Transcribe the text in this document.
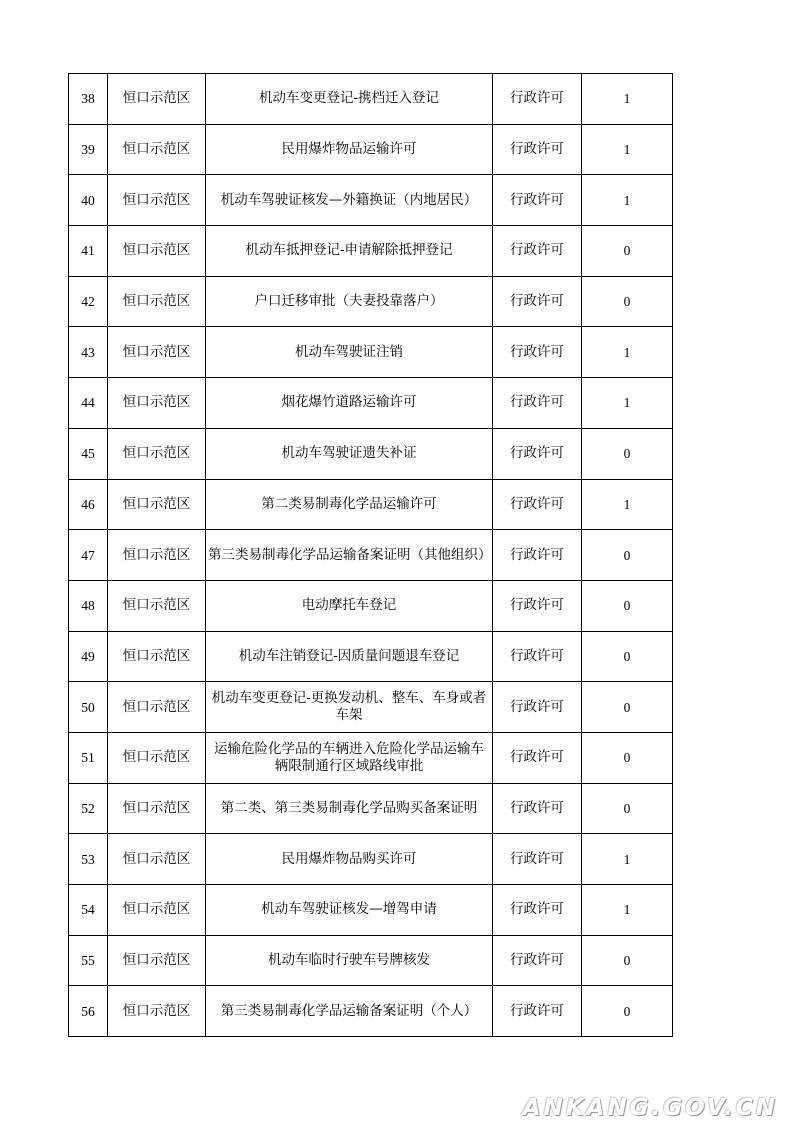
38	恒口示范区	机动车变更登记-携档迁入登记	行政许可	1
39	恒口示范区	民用爆炸物品运输许可	行政许可	1
40	恒口示范区	机动车驾驶证核发—外籍换证（内地居民）	行政许可	1
41	恒口示范区	机动车抵押登记-申请解除抵押登记	行政许可	0
42	恒口示范区	户口迁移审批（夫妻投靠落户）	行政许可	0
43	恒口示范区	机动车驾驶证注销	行政许可	1
44	恒口示范区	烟花爆竹道路运输许可	行政许可	1
45	恒口示范区	机动车驾驶证遗失补证	行政许可	0
46	恒口示范区	第二类易制毒化学品运输许可	行政许可	1
47	恒口示范区	第三类易制毒化学品运输备案证明（其他组织）	行政许可	0
48	恒口示范区	电动摩托车登记	行政许可	0
49	恒口示范区	机动车注销登记-因质量问题退车登记	行政许可	0
50	恒口示范区	机动车变更登记-更换发动机、整车、车身或者车架	行政许可	0
51	恒口示范区	运输危险化学品的车辆进入危险化学品运输车辆限制通行区域路线审批	行政许可	0
52	恒口示范区	第二类、第三类易制毒化学品购买备案证明	行政许可	0
53	恒口示范区	民用爆炸物品购买许可	行政许可	1
54	恒口示范区	机动车驾驶证核发—增驾申请	行政许可	1
55	恒口示范区	机动车临时行驶车号牌核发	行政许可	0
56	恒口示范区	第三类易制毒化学品运输备案证明（个人）	行政许可	0
ANKANG.GOV.CN
